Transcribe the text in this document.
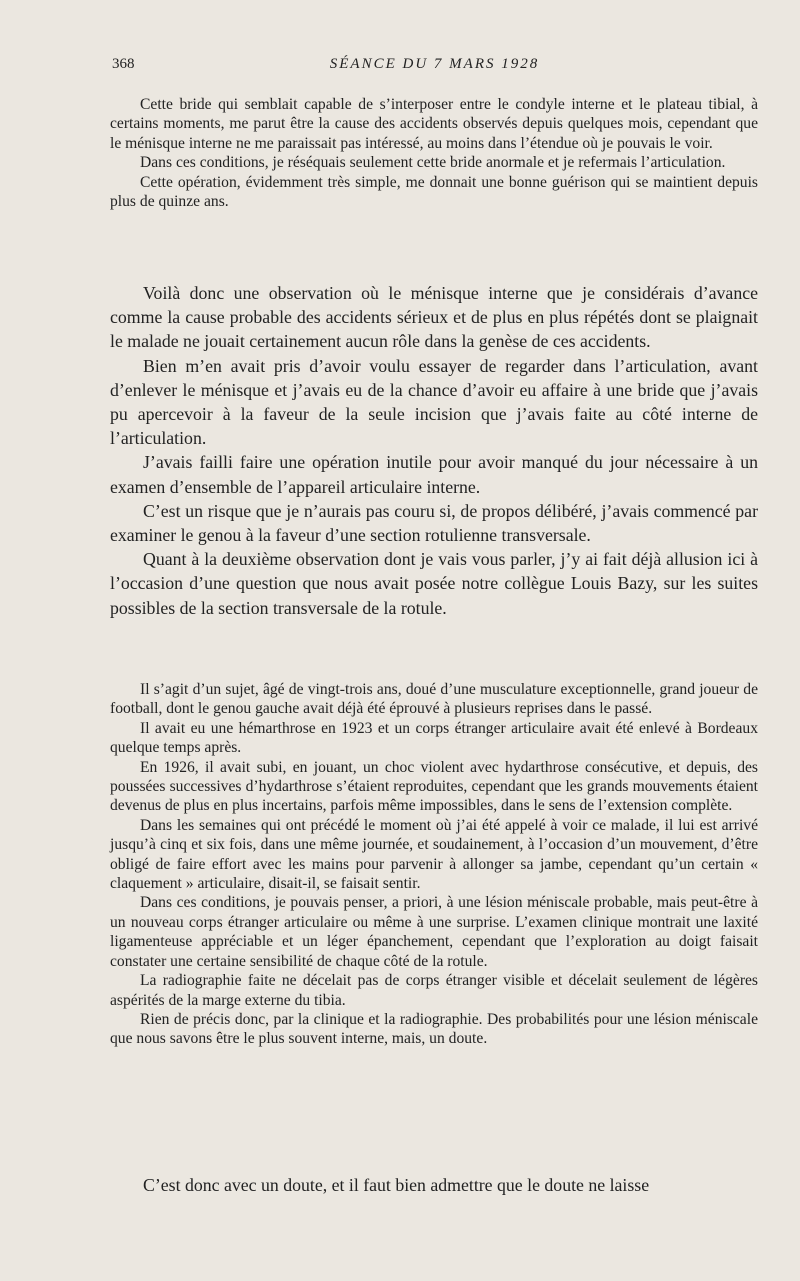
368	SÉANCE DU 7 MARS 1928

Cette bride qui semblait capable de s’interposer entre le condyle interne et le plateau tibial, à certains moments, me parut être la cause des accidents observés depuis quelques mois, cependant que le ménisque interne ne me paraissait pas intéressé, au moins dans l’étendue où je pouvais le voir.

Dans ces conditions, je réséquais seulement cette bride anormale et je refermais l’articulation.

Cette opération, évidemment très simple, me donnait une bonne guérison qui se maintient depuis plus de quinze ans.

Voilà donc une observation où le ménisque interne que je considérais d’avance comme la cause probable des accidents sérieux et de plus en plus répétés dont se plaignait le malade ne jouait certainement aucun rôle dans la genèse de ces accidents.

Bien m’en avait pris d’avoir voulu essayer de regarder dans l’articulation, avant d’enlever le ménisque et j’avais eu de la chance d’avoir eu affaire à une bride que j’avais pu apercevoir à la faveur de la seule incision que j’avais faite au côté interne de l’articulation.

J’avais failli faire une opération inutile pour avoir manqué du jour nécessaire à un examen d’ensemble de l’appareil articulaire interne.

C’est un risque que je n’aurais pas couru si, de propos délibéré, j’avais commencé par examiner le genou à la faveur d’une section rotulienne transversale.

Quant à la deuxième observation dont je vais vous parler, j’y ai fait déjà allusion ici à l’occasion d’une question que nous avait posée notre collègue Louis Bazy, sur les suites possibles de la section transversale de la rotule.

Il s’agit d’un sujet, âgé de vingt-trois ans, doué d’une musculature exceptionnelle, grand joueur de football, dont le genou gauche avait déjà été éprouvé à plusieurs reprises dans le passé.

Il avait eu une hémarthrose en 1923 et un corps étranger articulaire avait été enlevé à Bordeaux quelque temps après.

En 1926, il avait subi, en jouant, un choc violent avec hydarthrose consécutive, et depuis, des poussées successives d’hydarthrose s’étaient reproduites, cependant que les grands mouvements étaient devenus de plus en plus incertains, parfois même impossibles, dans le sens de l’extension complète.

Dans les semaines qui ont précédé le moment où j’ai été appelé à voir ce malade, il lui est arrivé jusqu’à cinq et six fois, dans une même journée, et soudainement, à l’occasion d’un mouvement, d’être obligé de faire effort avec les mains pour parvenir à allonger sa jambe, cependant qu’un certain « claquement » articulaire, disait-il, se faisait sentir.

Dans ces conditions, je pouvais penser, a priori, à une lésion méniscale probable, mais peut-être à un nouveau corps étranger articulaire ou même à une surprise. L’examen clinique montrait une laxité ligamenteuse appréciable et un léger épanchement, cependant que l’exploration au doigt faisait constater une certaine sensibilité de chaque côté de la rotule.

La radiographie faite ne décelait pas de corps étranger visible et décelait seulement de légères aspérités de la marge externe du tibia.

Rien de précis donc, par la clinique et la radiographie. Des probabilités pour une lésion méniscale que nous savons être le plus souvent interne, mais, un doute.

C’est donc avec un doute, et il faut bien admettre que le doute ne laisse
